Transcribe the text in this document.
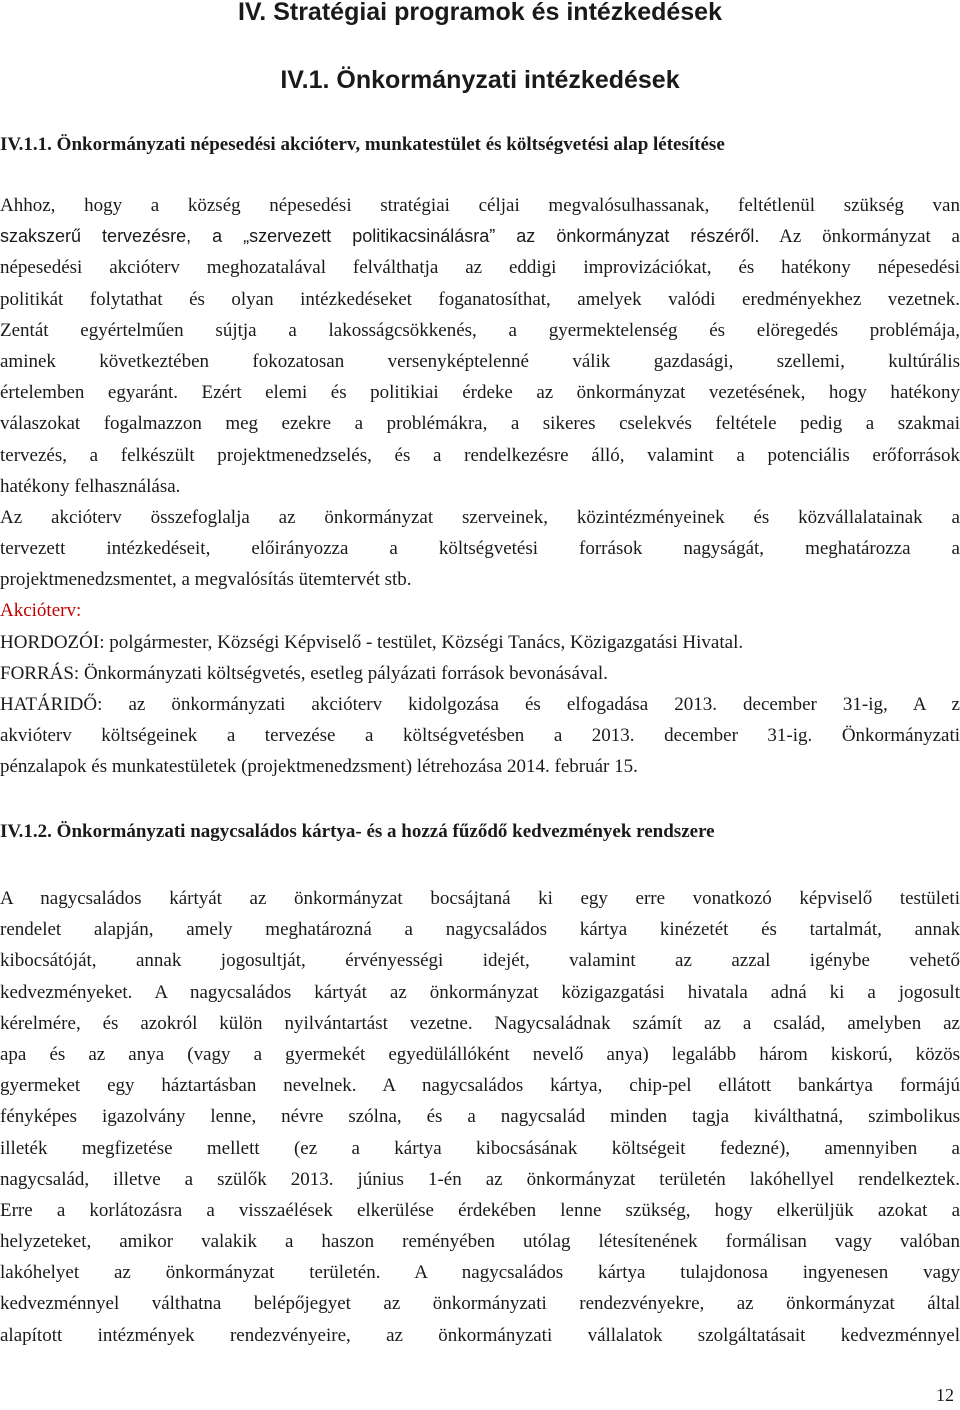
IV. Stratégiai programok és intézkedések
IV.1. Önkormányzati intézkedések
IV.1.1. Önkormányzati népesedési akcióterv, munkatestület és költségvetési alap létesítése
Ahhoz, hogy a község népesedési stratégiai céljai megvalósulhassanak, feltétlenül szükség van
szakszerű tervezésre, a „szervezett politikacsinálásra” az önkormányzat részéről. Az önkormányzat a
népesedési akcióterv meghozatalával felválthatja az eddigi improvizációkat, és hatékony népesedési
politikát folytathat és olyan intézkedéseket foganatosíthat, amelyek valódi eredményekhez vezetnek.
Zentát egyértelműen sújtja a lakosságcsökkenés, a gyermektelenség és elöregedés problémája,
aminek következtében fokozatosan versenyképtelenné válik gazdasági, szellemi, kultúrális
értelemben egyaránt. Ezért elemi és politikiai érdeke az önkormányzat vezetésének, hogy hatékony
válaszokat fogalmazzon meg ezekre a problémákra, a sikeres cselekvés feltétele pedig a szakmai
tervezés, a felkészült projektmenedzselés, és a rendelkezésre álló, valamint a potenciális erőforrások
hatékony felhasználása.
Az akcióterv összefoglalja az önkormányzat szerveinek, közintézményeinek és közvállalatainak a
tervezett intézkedéseit, előirányozza a költségvetési források nagyságát, meghatározza a
projektmenedzsmentet, a megvalósítás ütemtervét stb.
Akcióterv:
HORDOZÓI: polgármester, Községi Képviselő - testület, Községi Tanács, Közigazgatási Hivatal.
FORRÁS: Önkormányzati költségvetés, esetleg pályázati források bevonásával.
HATÁRIDŐ: az önkormányzati akcióterv kidolgozása és elfogadása 2013. december 31-ig, A z
akvióterv költségeinek a tervezése a költségvetésben a 2013. december 31-ig. Önkormányzati
pénzalapok és munkatestületek (projektmenedzsment) létrehozása 2014. február 15.
IV.1.2. Önkormányzati nagycsaládos kártya- és a hozzá fűződő kedvezmények rendszere
A nagycsaládos kártyát az önkormányzat bocsájtaná ki egy erre vonatkozó képviselő testületi
rendelet alapján, amely meghatározná a nagycsaládos kártya kinézetét és tartalmát, annak
kibocsátóját, annak jogosultját, érvényességi idejét, valamint az azzal igénybe vehető
kedvezményeket. A nagycsaládos kártyát az önkormányzat közigazgatási hivatala adná ki a jogosult
kérelmére, és azokról külön nyilvántartást vezetne. Nagycsaládnak számít az a család, amelyben az
apa és az anya (vagy a gyermekét egyedülállóként nevelő anya) legalább három kiskorú, közös
gyermeket egy háztartásban nevelnek. A nagycsaládos kártya, chip-pel ellátott bankártya formájú
fényképes igazolvány lenne, névre szólna, és a nagycsalád minden tagja kiválthatná, szimbolikus
illeték megfizetése mellett (ez a kártya kibocsásának költségeit fedezné), amennyiben a
nagycsalád, illetve a szülők 2013. június 1-én az önkormányzat területén lakóhellyel rendelkeztek.
Erre a korlátozásra a visszaélések elkerülése érdekében lenne szükség, hogy elkerüljük azokat a
helyzeteket, amikor valakik a haszon reményében utólag létesítenének formálisan vagy valóban
lakóhelyet az önkormányzat területén. A nagycsaládos kártya tulajdonosa ingyenesen vagy
kedvezménnyel válthatna belépőjegyet az önkormányzati rendezvényekre, az önkormányzat által
alapított intézmények rendezvényeire, az önkormányzati vállalatok szolgáltatásait kedvezménnyel
12
